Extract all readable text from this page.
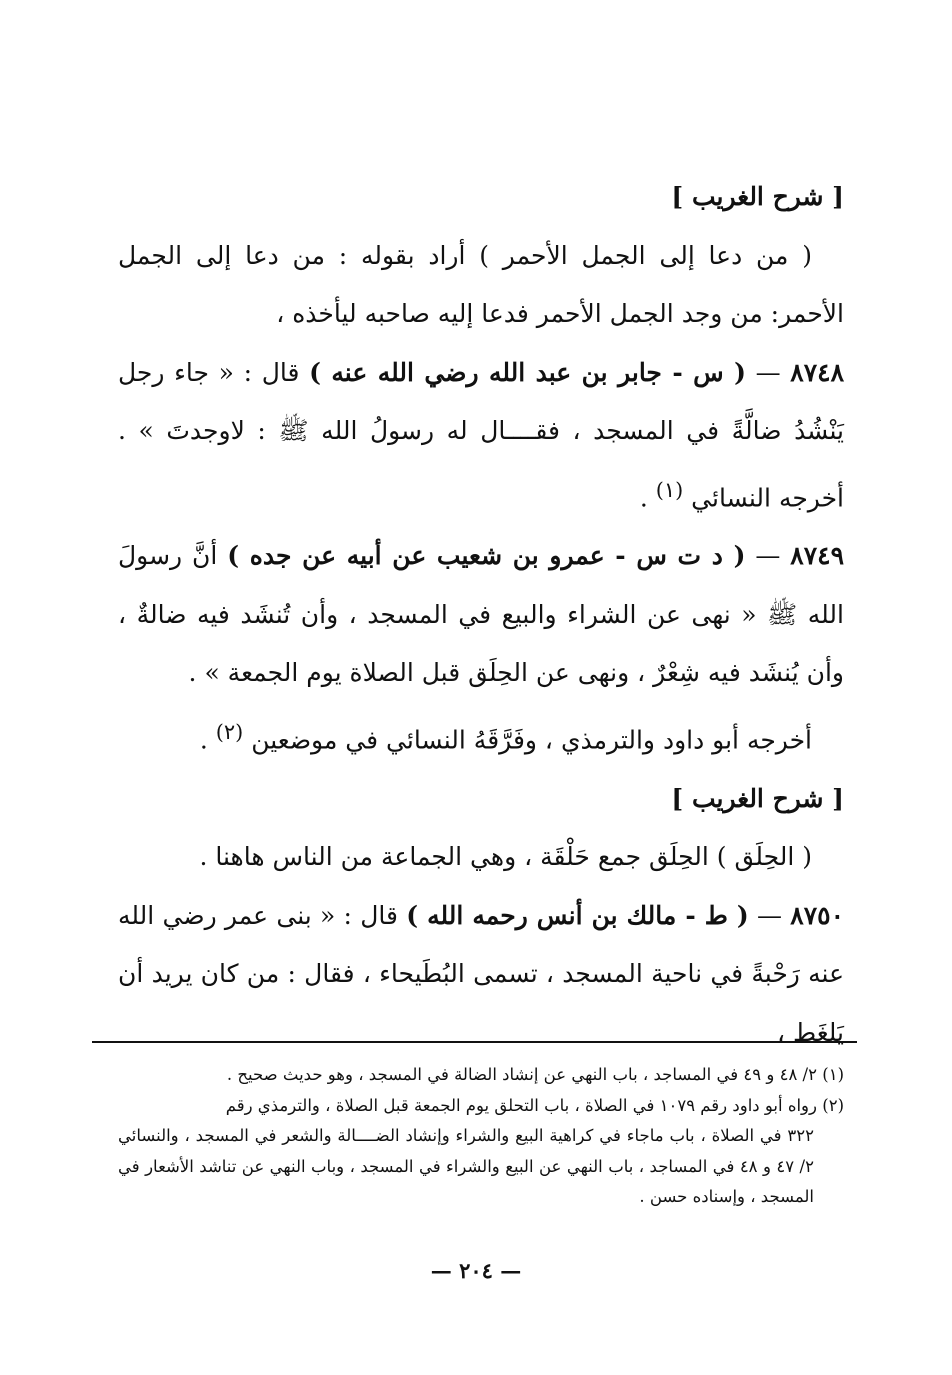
[ شرح الغريب ]

( من دعا إلى الجمل الأحمر ) أراد بقوله : من دعا إلى الجمل الأحمر: من وجد الجمل الأحمر فدعا إليه صاحبه ليأخذه ،

٨٧٤٨ — ( س - جابر بن عبد الله رضي الله عنه ) قال : « جاء رجل يَنْشُدُ ضالَّةً في المسجد ، فقــــال له رسولُ الله ﷺ : لاوجدتَ » . أخرجه النسائي $^{(١)}$ .

٨٧٤٩ — ( د ت س - عمرو بن شعيب عن أبيه عن جده ) أنَّ رسولَ الله ﷺ « نهى عن الشراء والبيع في المسجد ، وأن تُنشَد فيه ضالةٌ ، وأن يُنشَد فيه شِعْرٌ ، ونهى عن الحِلَق قبل الصلاة يوم الجمعة » .

أخرجه أبو داود والترمذي ، وفَرَّقَهُ النسائي في موضعين $^{(٢)}$ .

[ شرح الغريب ]

( الحِلَق ) الحِلَق جمع حَلْقَة ، وهي الجماعة من الناس هاهنا .

٨٧٥٠ — ( ط - مالك بن أنس رحمه الله ) قال : « بنى عمر رضي الله عنه رَحْبةً في ناحية المسجد ، تسمى البُطَيحاء ، فقال : من كان يريد أن يَلغَط ،

(١) ٢/ ٤٨ و ٤٩ في المساجد ، باب النهي عن إنشاد الضالة في المسجد ، وهو حديث صحيح .

(٢) رواه أبو داود رقم ١٠٧٩ في الصلاة ، باب التحلق يوم الجمعة قبل الصلاة ، والترمذي رقم

٣٢٢ في الصلاة ، باب ماجاء في كراهية البيع والشراء وإنشاد الضــــالة والشعر في المسجد ، والنسائي ٢/ ٤٧ و ٤٨ في المساجد ، باب النهي عن البيع والشراء في المسجد ، وباب النهي عن تناشد الأشعار في المسجد ، وإسناده حسن .

— ٢٠٤ —
